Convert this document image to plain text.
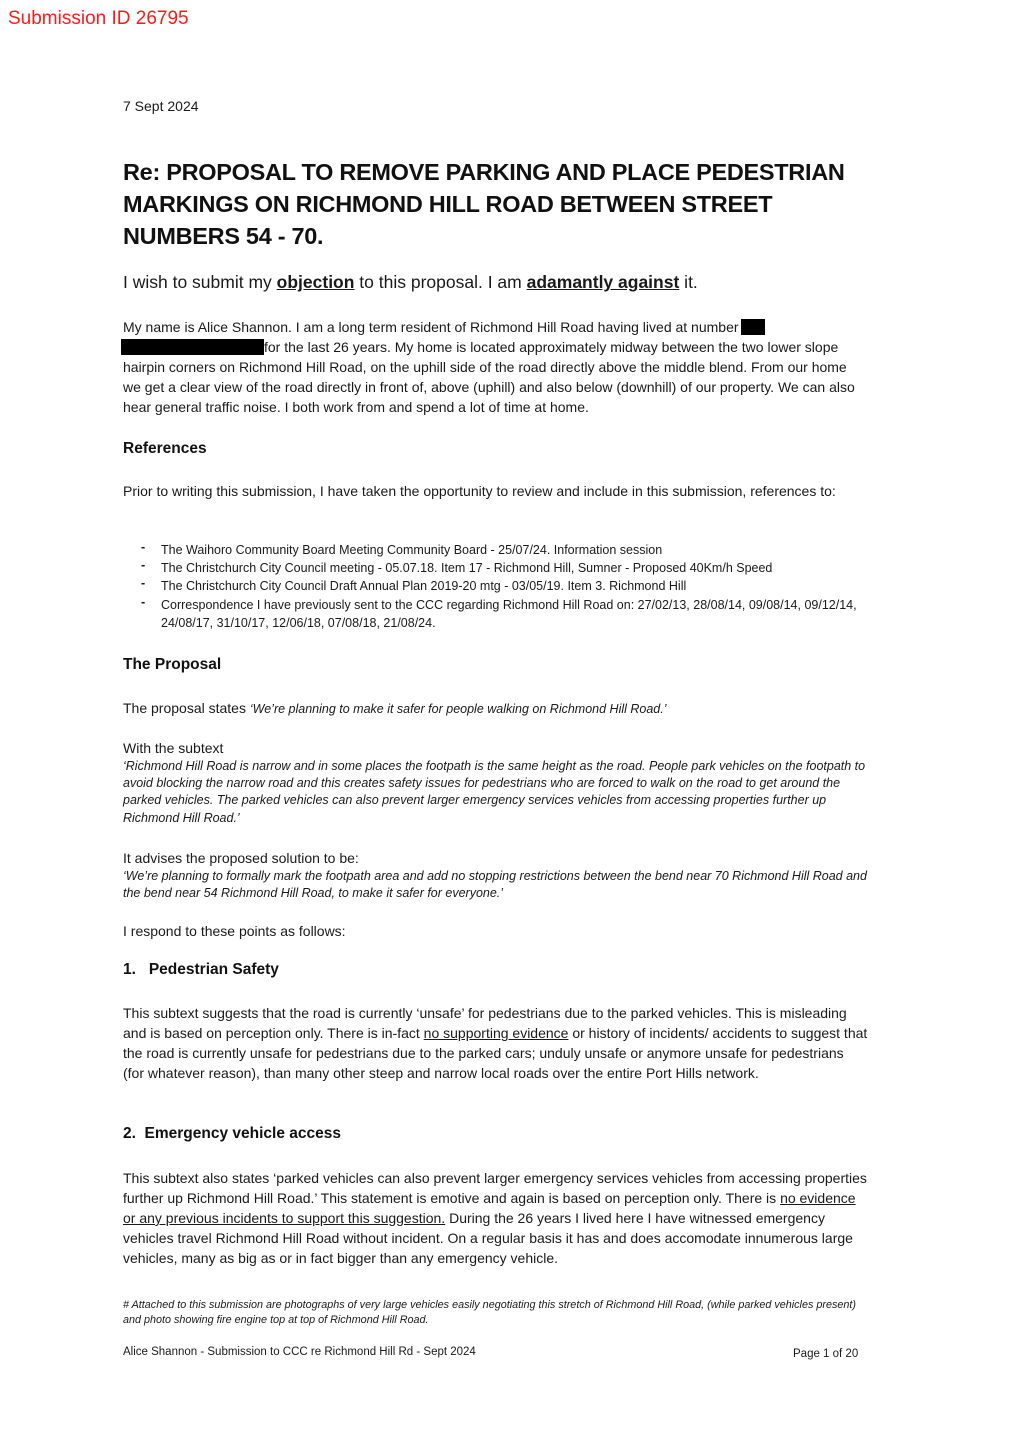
Submission ID 26795
7 Sept 2024
Re: PROPOSAL TO REMOVE PARKING AND PLACE PEDESTRIAN MARKINGS ON RICHMOND HILL ROAD BETWEEN STREET NUMBERS 54 - 70.
I wish to submit my objection to this proposal. I am adamantly against it.
My name is Alice Shannon. I am a long term resident of Richmond Hill Road having lived at number
for the last 26 years. My home is located approximately midway between the two lower slope hairpin corners on Richmond Hill Road, on the uphill side of the road directly above the middle blend. From our home we get a clear view of the road directly in front of, above (uphill) and also below (downhill) of our property. We can also hear general traffic noise. I both work from and spend a lot of time at home.
References
Prior to writing this submission, I have taken the opportunity to review and include in this submission, references to:
- The Waihoro Community Board Meeting Community Board - 25/07/24. Information session
- The Christchurch City Council meeting - 05.07.18. Item 17 - Richmond Hill, Sumner - Proposed 40Km/h Speed
- The Christchurch City Council Draft Annual Plan 2019-20 mtg - 03/05/19. Item 3. Richmond Hill
- Correspondence I have previously sent to the CCC regarding Richmond Hill Road on: 27/02/13, 28/08/14, 09/08/14, 09/12/14, 24/08/17, 31/10/17, 12/06/18, 07/08/18, 21/08/24.
The Proposal
The proposal states ‘We’re planning to make it safer for people walking on Richmond Hill Road.’
With the subtext
‘Richmond Hill Road is narrow and in some places the footpath is the same height as the road. People park vehicles on the footpath to avoid blocking the narrow road and this creates safety issues for pedestrians who are forced to walk on the road to get around the parked vehicles. The parked vehicles can also prevent larger emergency services vehicles from accessing properties further up Richmond Hill Road.’
It advises the proposed solution to be:
‘We’re planning to formally mark the footpath area and add no stopping restrictions between the bend near 70 Richmond Hill Road and the bend near 54 Richmond Hill Road, to make it safer for everyone.’
I respond to these points as follows:
1.   Pedestrian Safety
This subtext suggests that the road is currently ‘unsafe’ for pedestrians due to the parked vehicles. This is misleading and is based on perception only. There is in-fact no supporting evidence or history of incidents/ accidents to suggest that the road is currently unsafe for pedestrians due to the parked cars; unduly unsafe or anymore unsafe for pedestrians (for whatever reason), than many other steep and narrow local roads over the entire Port Hills network.
2.  Emergency vehicle access
This subtext also states ‘parked vehicles can also prevent larger emergency services vehicles from accessing properties further up Richmond Hill Road.’ This statement is emotive and again is based on perception only. There is no evidence or any previous incidents to support this suggestion. During the 26 years I lived here I have witnessed emergency vehicles travel Richmond Hill Road without incident. On a regular basis it has and does accomodate innumerous large vehicles, many as big as or in fact bigger than any emergency vehicle.
# Attached to this submission are photographs of very large vehicles easily negotiating this stretch of Richmond Hill Road, (while parked vehicles present) and photo showing fire engine top at top of Richmond Hill Road.
Alice Shannon - Submission to CCC re Richmond Hill Rd - Sept 2024	Page 1 of 20
